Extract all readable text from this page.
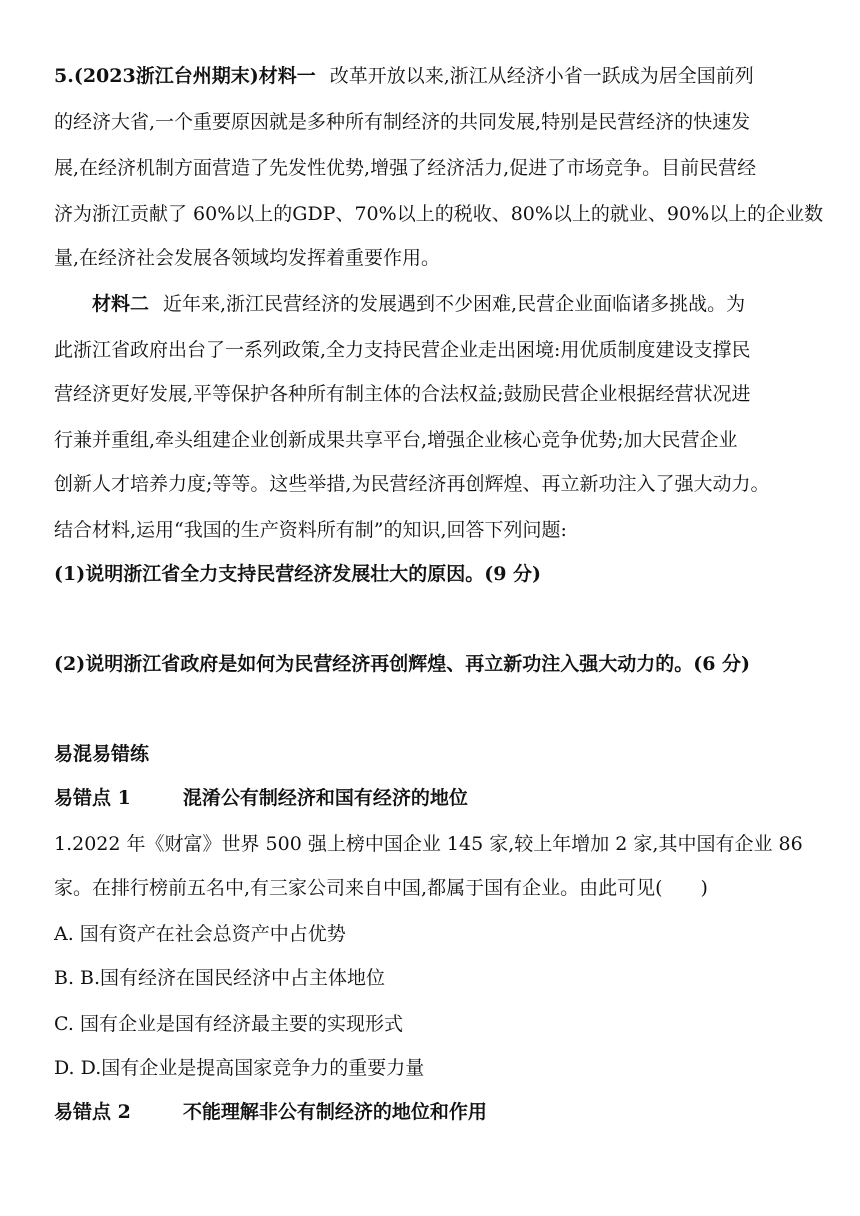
5.(2023浙江台州期末)材料一 改革开放以来,浙江从经济小省一跃成为居全国前列
的经济大省,一个重要原因就是多种所有制经济的共同发展,特别是民营经济的快速发
展,在经济机制方面营造了先发性优势,增强了经济活力,促进了市场竞争。目前民营经
济为浙江贡献了 60%以上的GDP、70%以上的税收、80%以上的就业、90%以上的企业数
量,在经济社会发展各领域均发挥着重要作用。
材料二 近年来,浙江民营经济的发展遇到不少困难,民营企业面临诸多挑战。为
此浙江省政府出台了一系列政策,全力支持民营企业走出困境:用优质制度建设支撑民
营经济更好发展,平等保护各种所有制主体的合法权益;鼓励民营企业根据经营状况进
行兼并重组,牵头组建企业创新成果共享平台,增强企业核心竞争优势;加大民营企业
创新人才培养力度;等等。这些举措,为民营经济再创辉煌、再立新功注入了强大动力。
结合材料,运用“我国的生产资料所有制”的知识,回答下列问题:
(1)说明浙江省全力支持民营经济发展壮大的原因。(9 分)
(2)说明浙江省政府是如何为民营经济再创辉煌、再立新功注入强大动力的。(6 分)
易混易错练
易错点 1	混淆公有制经济和国有经济的地位
1.2022 年《财富》世界 500 强上榜中国企业 145 家,较上年增加 2 家,其中国有企业 86
家。在排行榜前五名中,有三家公司来自中国,都属于国有企业。由此可见(　　)
A. 国有资产在社会总资产中占优势
B. B.国有经济在国民经济中占主体地位
C. 国有企业是国有经济最主要的实现形式
D. D.国有企业是提高国家竞争力的重要力量
易错点 2	不能理解非公有制经济的地位和作用
